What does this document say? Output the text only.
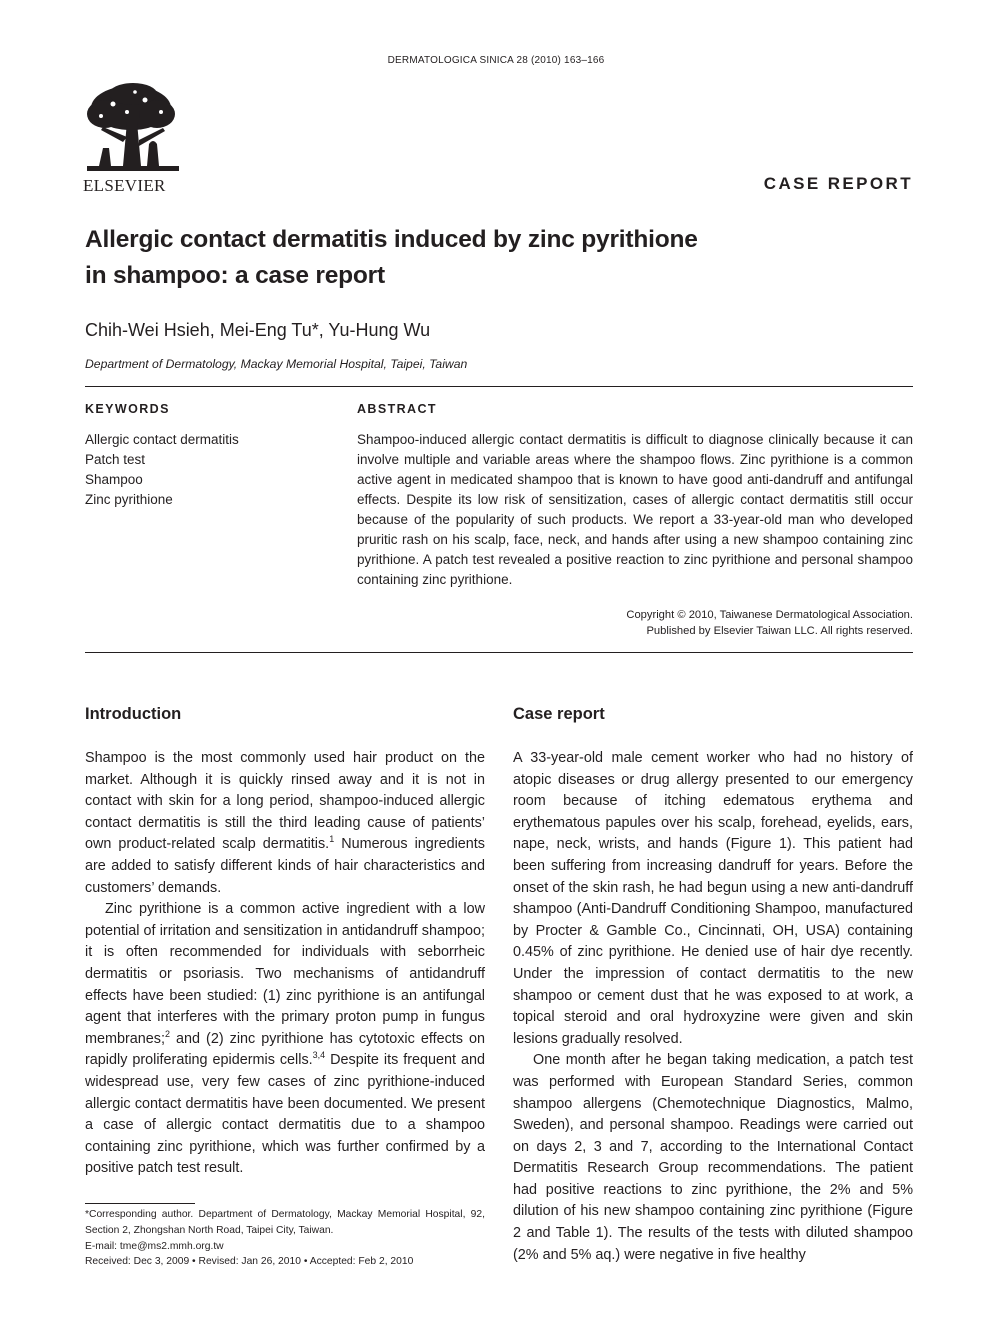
DERMATOLOGICA SINICA 28 (2010) 163–166
ELSEVIER	CASE REPORT
Allergic contact dermatitis induced by zinc pyrithione
in shampoo: a case report
Chih-Wei Hsieh, Mei-Eng Tu*, Yu-Hung Wu
Department of Dermatology, Mackay Memorial Hospital, Taipei, Taiwan
KEYWORDS
Allergic contact dermatitis
Patch test
Shampoo
Zinc pyrithione
ABSTRACT

Shampoo-induced allergic contact dermatitis is difficult to diagnose clinically because it can involve multiple and variable areas where the shampoo flows. Zinc pyrithione is a common active agent in medicated shampoo that is known to have good anti-dandruff and antifungal effects. Despite its low risk of sensitization, cases of allergic contact dermatitis still occur because of the popularity of such products. We report a 33-year-old man who developed pruritic rash on his scalp, face, neck, and hands after using a new shampoo containing zinc pyrithione. A patch test revealed a positive reaction to zinc pyrithione and personal shampoo containing zinc pyrithione.

Copyright © 2010, Taiwanese Dermatological Association.
Published by Elsevier Taiwan LLC. All rights reserved.
Introduction	Case report

Shampoo is the most commonly used hair product on the market. Although it is quickly rinsed away and it is not in contact with skin for a long period, shampoo-induced allergic contact dermatitis is still the third leading cause of patients’ own product-related scalp dermatitis.$^1$ Numerous ingredients are added to satisfy different kinds of hair characteristics and customers’ demands.

Zinc pyrithione is a common active ingredient with a low potential of irritation and sensitization in antidandruff shampoo; it is often recommended for individuals with seborrheic dermatitis or psoriasis. Two mechanisms of antidandruff effects have been studied: (1) zinc pyrithione is an antifungal agent that interferes with the primary proton pump in fungus membranes;$^2$ and (2) zinc pyrithione has cytotoxic effects on rapidly proliferating epidermis cells.$^{3,4}$ Despite its frequent and widespread use, very few cases of zinc pyrithione-induced allergic contact dermatitis have been documented. We present a case of allergic contact dermatitis due to a shampoo containing zinc pyrithione, which was further confirmed by a positive patch test result.

A 33-year-old male cement worker who had no history of atopic diseases or drug allergy presented to our emergency room because of itching edematous erythema and erythematous papules over his scalp, forehead, eyelids, ears, nape, neck, wrists, and hands (Figure 1). This patient had been suffering from increasing dandruff for years. Before the onset of the skin rash, he had begun using a new anti-dandruff shampoo (Anti-Dandruff Conditioning Shampoo, manufactured by Procter & Gamble Co., Cincinnati, OH, USA) containing 0.45% of zinc pyrithione. He denied use of hair dye recently. Under the impression of contact dermatitis to the new shampoo or cement dust that he was exposed to at work, a topical steroid and oral hydroxyzine were given and skin lesions gradually resolved.

One month after he began taking medication, a patch test was performed with European Standard Series, common shampoo allergens (Chemotechnique Diagnostics, Malmo, Sweden), and personal shampoo. Readings were carried out on days 2, 3 and 7, according to the International Contact Dermatitis Research Group recommendations. The patient had positive reactions to zinc pyrithione, the 2% and 5% dilution of his new shampoo containing zinc pyrithione (Figure 2 and Table 1). The results of the tests with diluted shampoo (2% and 5% aq.) were negative in five healthy

*Corresponding author. Department of Dermatology, Mackay Memorial Hospital, 92, Section 2, Zhongshan North Road, Taipei City, Taiwan.
E-mail: tme@ms2.mmh.org.tw
Received: Dec 3, 2009 • Revised: Jan 26, 2010 • Accepted: Feb 2, 2010
